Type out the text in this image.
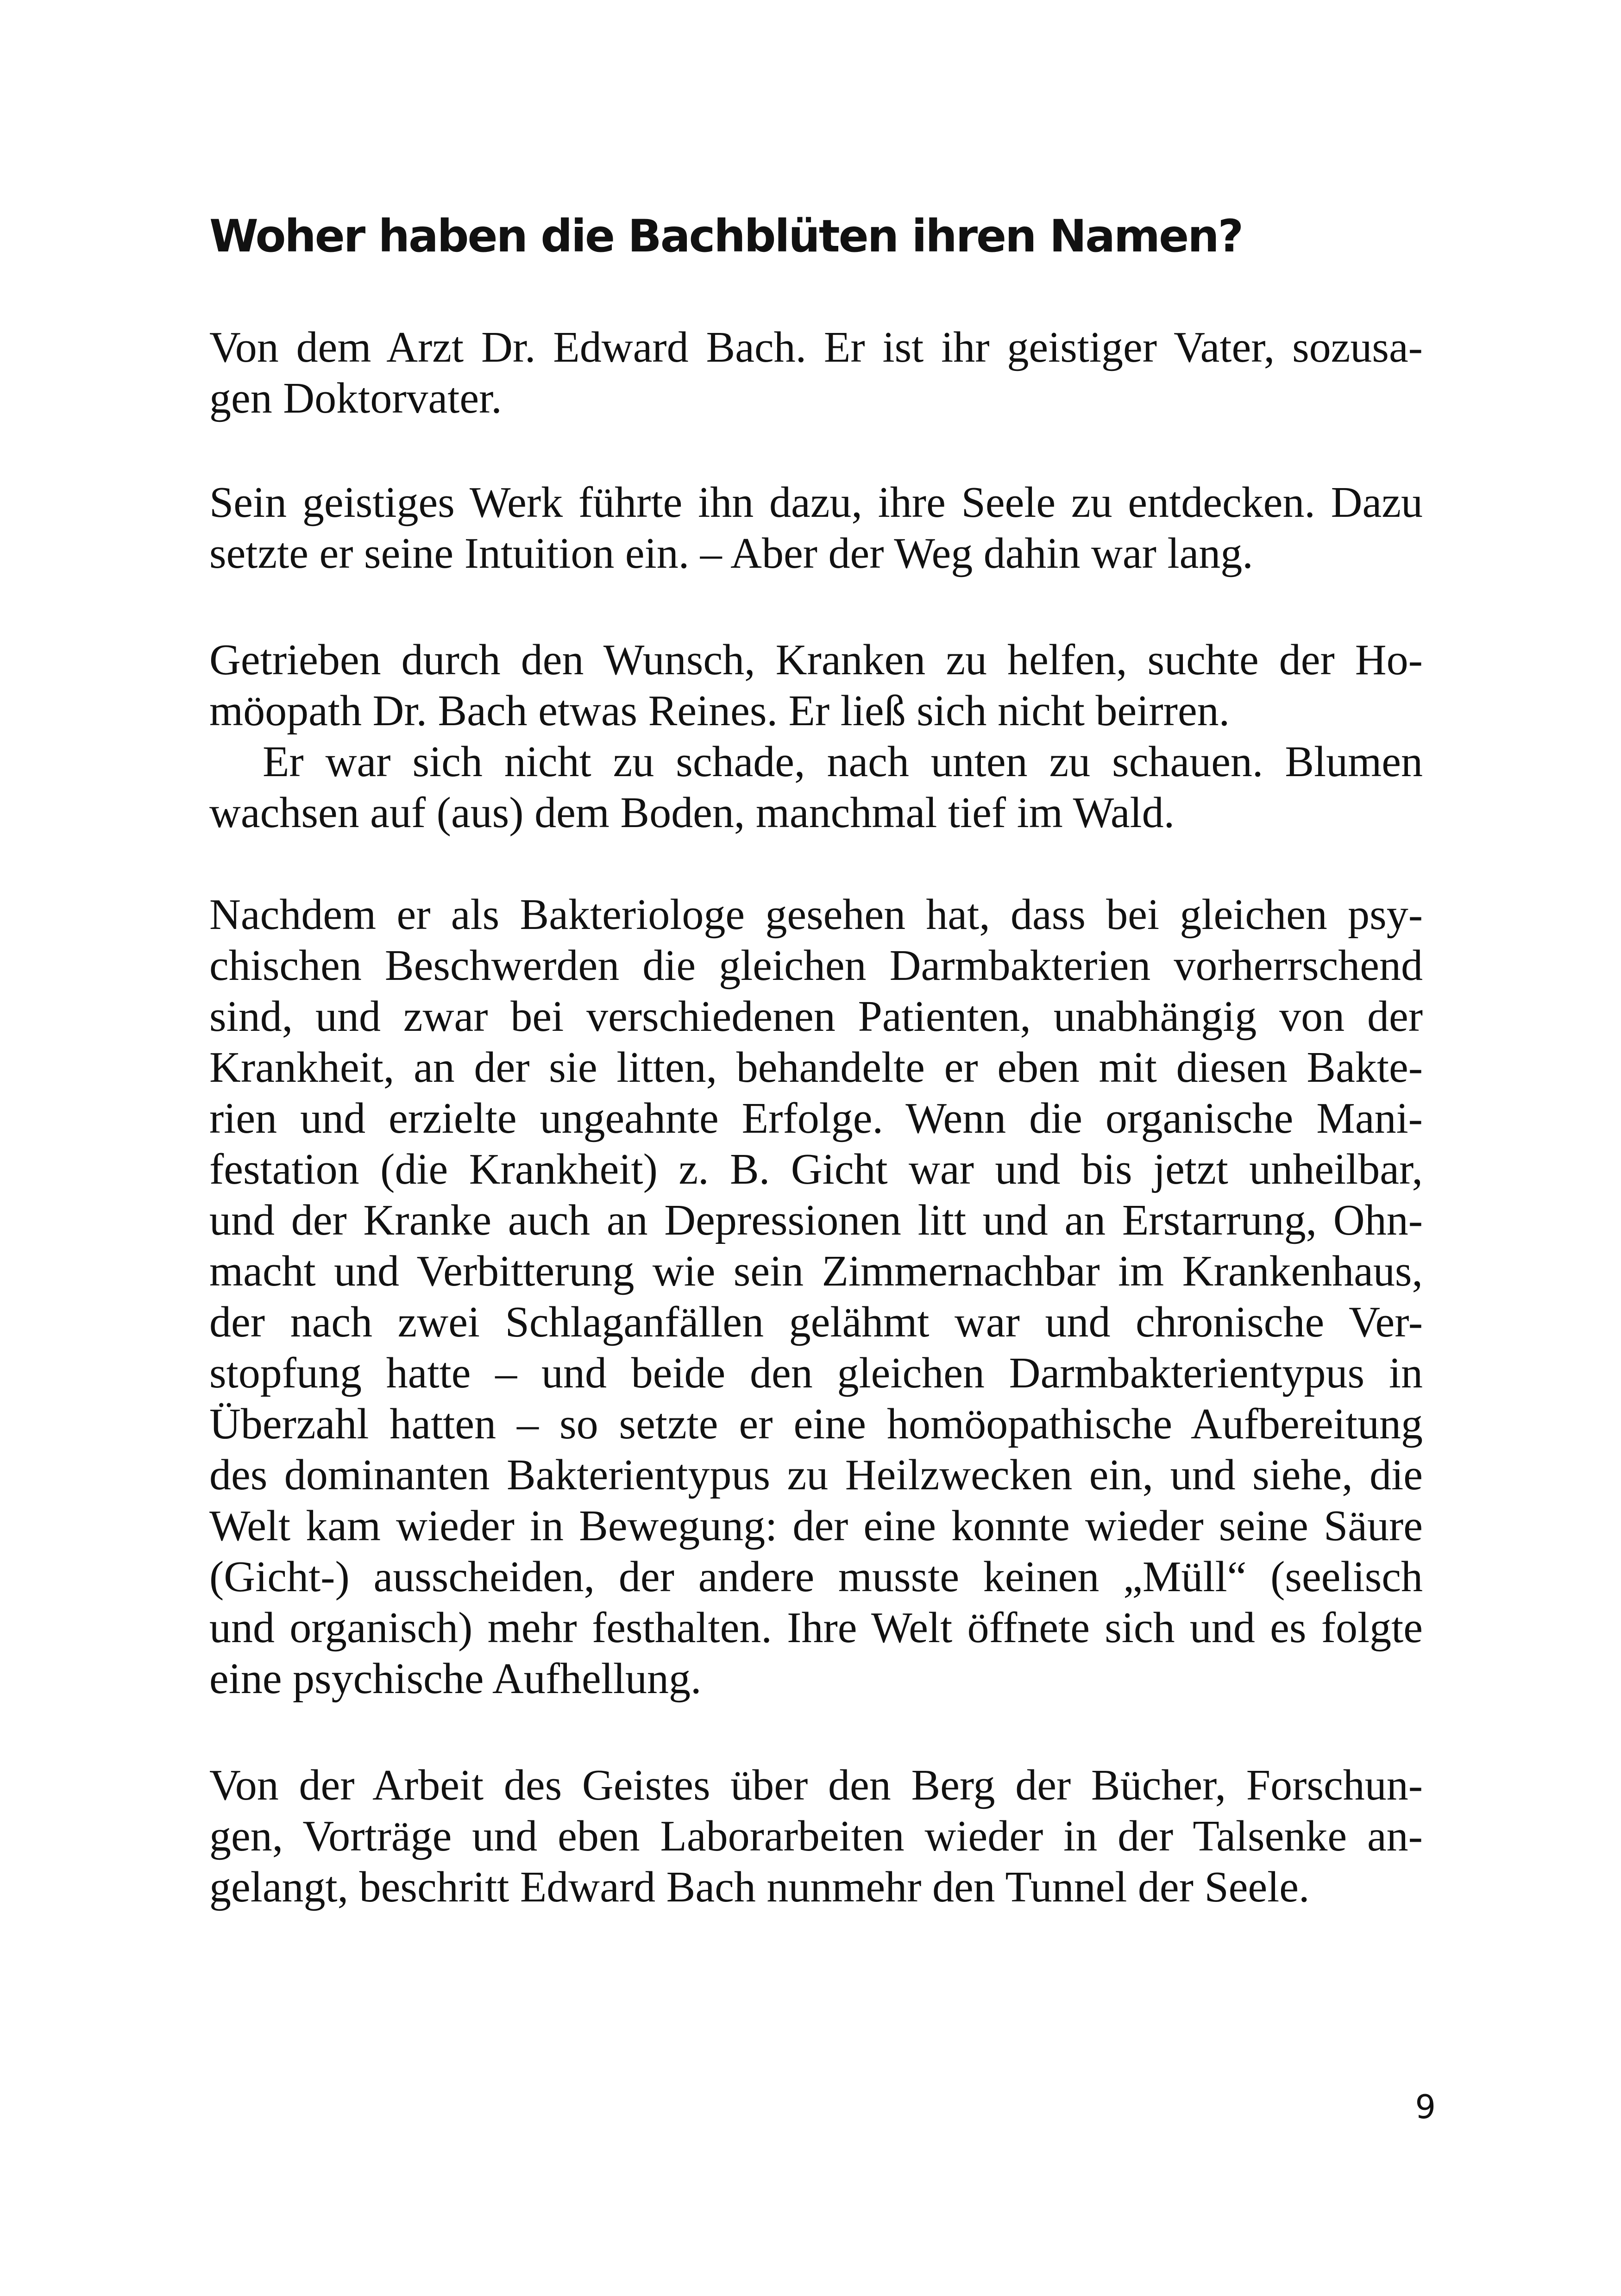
Woher haben die Bachblüten ihren Namen?

Von dem Arzt Dr. Edward Bach. Er ist ihr geistiger Vater, sozusa-
gen Doktorvater.

Sein geistiges Werk führte ihn dazu, ihre Seele zu entdecken. Dazu
setzte er seine Intuition ein. – Aber der Weg dahin war lang.

Getrieben durch den Wunsch, Kranken zu helfen, suchte der Ho-
möopath Dr. Bach etwas Reines. Er ließ sich nicht beirren.
Er war sich nicht zu schade, nach unten zu schauen. Blumen
wachsen auf (aus) dem Boden, manchmal tief im Wald.

Nachdem er als Bakteriologe gesehen hat, dass bei gleichen psy-
chischen Beschwerden die gleichen Darmbakterien vorherrschend
sind, und zwar bei verschiedenen Patienten, unabhängig von der
Krankheit, an der sie litten, behandelte er eben mit diesen Bakte-
rien und erzielte ungeahnte Erfolge. Wenn die organische Mani-
festation (die Krankheit) z. B. Gicht war und bis jetzt unheilbar,
und der Kranke auch an Depressionen litt und an Erstarrung, Ohn-
macht und Verbitterung wie sein Zimmernachbar im Krankenhaus,
der nach zwei Schlaganfällen gelähmt war und chronische Ver-
stopfung hatte – und beide den gleichen Darmbakterientypus in
Überzahl hatten – so setzte er eine homöopathische Aufbereitung
des dominanten Bakterientypus zu Heilzwecken ein, und siehe, die
Welt kam wieder in Bewegung: der eine konnte wieder seine Säure
(Gicht-) ausscheiden, der andere musste keinen „Müll“ (seelisch
und organisch) mehr festhalten. Ihre Welt öffnete sich und es folgte
eine psychische Aufhellung.

Von der Arbeit des Geistes über den Berg der Bücher, Forschun-
gen, Vorträge und eben Laborarbeiten wieder in der Talsenke an-
gelangt, beschritt Edward Bach nunmehr den Tunnel der Seele.

9
